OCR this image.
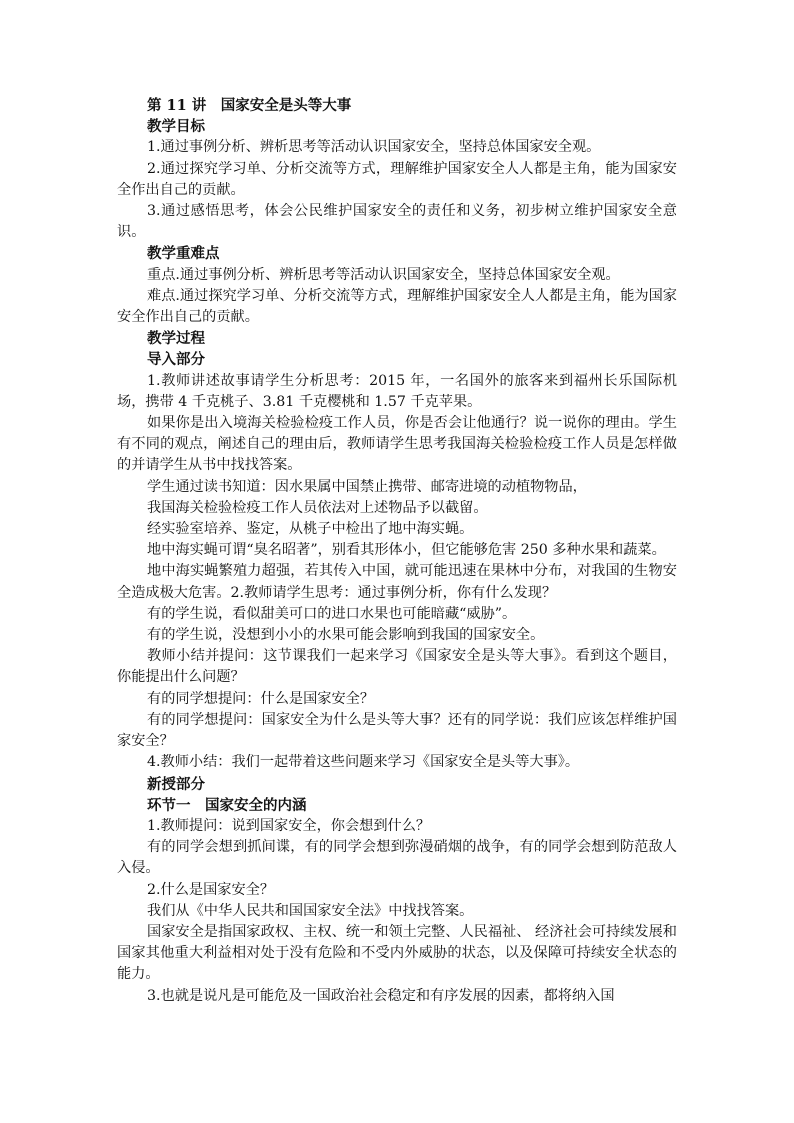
第 11 讲　国家安全是头等大事

教学目标

1.通过事例分析、辨析思考等活动认识国家安全，坚持总体国家安全观。

2.通过探究学习单、分析交流等方式，理解维护国家安全人人都是主角，能为国家安全作出自己的贡献。

3.通过感悟思考，体会公民维护国家安全的责任和义务，初步树立维护国家安全意识。

教学重难点

重点.通过事例分析、辨析思考等活动认识国家安全，坚持总体国家安全观。

难点.通过探究学习单、分析交流等方式，理解维护国家安全人人都是主角，能为国家安全作出自己的贡献。

教学过程

导入部分

1.教师讲述故事请学生分析思考：2015 年，一名国外的旅客来到福州长乐国际机场，携带 4 千克桃子、3.81 千克樱桃和 1.57 千克苹果。

如果你是出入境海关检验检疫工作人员，你是否会让他通行？说一说你的理由。学生有不同的观点，阐述自己的理由后，教师请学生思考我国海关检验检疫工作人员是怎样做的并请学生从书中找找答案。

学生通过读书知道：因水果属中国禁止携带、邮寄进境的动植物物品，

我国海关检验检疫工作人员依法对上述物品予以截留。

经实验室培养、鉴定，从桃子中检出了地中海实蝇。

地中海实蝇可谓“臭名昭著”，别看其形体小，但它能够危害 250 多种水果和蔬菜。

地中海实蝇繁殖力超强，若其传入中国，就可能迅速在果林中分布，对我国的生物安全造成极大危害。2.教师请学生思考：通过事例分析，你有什么发现？

有的学生说，看似甜美可口的进口水果也可能暗藏“威胁”。

有的学生说，没想到小小的水果可能会影响到我国的国家安全。

教师小结并提问：这节课我们一起来学习《国家安全是头等大事》。看到这个题目，你能提出什么问题？

有的同学想提问：什么是国家安全？

有的同学想提问：国家安全为什么是头等大事？还有的同学说：我们应该怎样维护国家安全？

4.教师小结：我们一起带着这些问题来学习《国家安全是头等大事》。

新授部分

环节一　国家安全的内涵

1.教师提问：说到国家安全，你会想到什么？

有的同学会想到抓间谍，有的同学会想到弥漫硝烟的战争，有的同学会想到防范敌人入侵。

2.什么是国家安全？

我们从《中华人民共和国国家安全法》中找找答案。

国家安全是指国家政权、主权、统一和领土完整、人民福祉、 经济社会可持续发展和国家其他重大利益相对处于没有危险和不受内外威胁的状态，以及保障可持续安全状态的能力。

3.也就是说凡是可能危及一国政治社会稳定和有序发展的因素，都将纳入国
